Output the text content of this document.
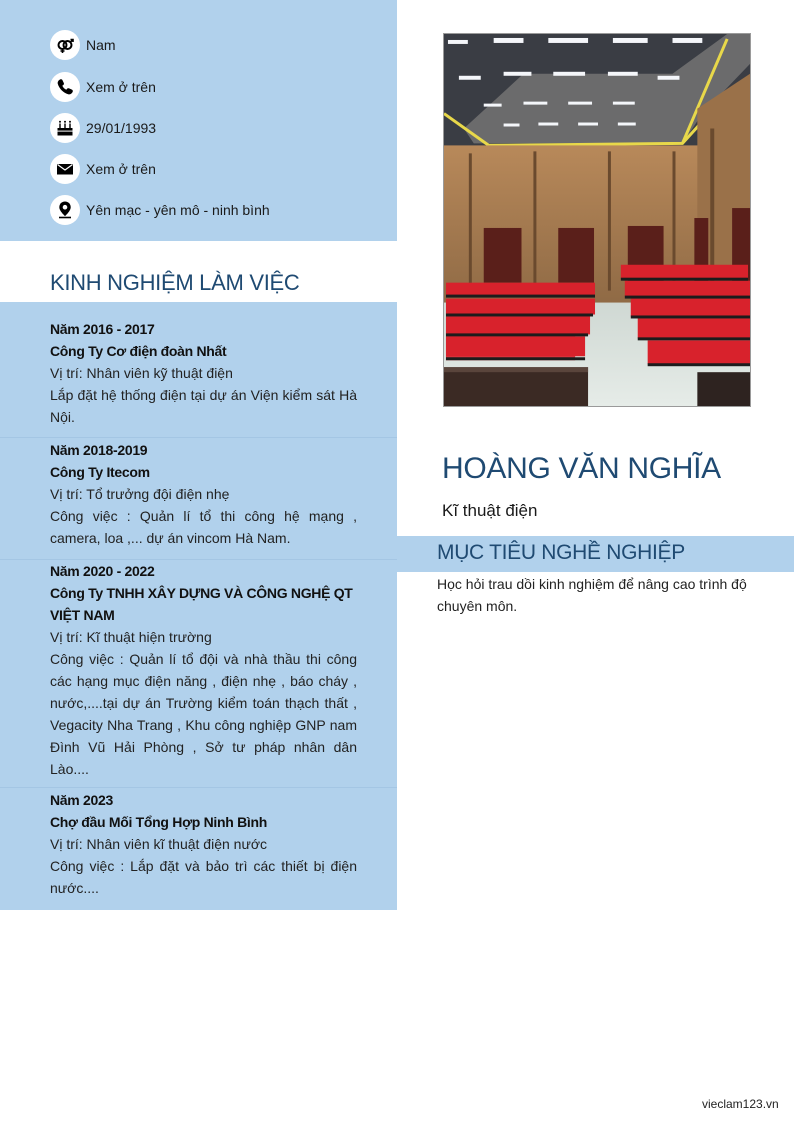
Nam
Xem ở trên
29/01/1993
Xem ở trên
Yên mạc - yên mô - ninh bình
KINH NGHIỆM LÀM VIỆC
Năm 2016 - 2017
Công Ty Cơ điện đoàn Nhất
Vị trí: Nhân viên kỹ thuật điện
Lắp đặt hệ thống điện tại dự án Viện kiểm sát Hà Nội.
Năm 2018-2019
Công Ty Itecom
Vị trí: Tổ trưởng đội điện nhẹ
Công việc : Quản lí tổ thi công hệ mạng , camera, loa ,... dự án vincom Hà Nam.
Năm 2020 - 2022
Công Ty TNHH XÂY DỰNG VÀ CÔNG NGHỆ QT VIỆT NAM
Vị trí: Kĩ thuật hiện trường
Công việc : Quản lí tổ đội và nhà thầu thi công các hạng mục điện năng , điện nhẹ , báo cháy , nước,....tại dự án Trường kiểm toán thạch thất , Vegacity Nha Trang , Khu công nghiệp GNP nam Đình Vũ Hải Phòng , Sở tư pháp nhân dân Lào....
Năm 2023
Chợ đầu Mối Tổng Hợp Ninh Bình
Vị trí: Nhân viên kĩ thuật điện nước
Công việc : Lắp đặt và bảo trì các thiết bị điện nước....
HOÀNG VĂN NGHĨA
Kĩ thuật điện
MỤC TIÊU NGHỀ NGHIỆP
Học hỏi trau dồi kinh nghiệm để nâng cao trình độ chuyên môn.
vieclam123.vn
